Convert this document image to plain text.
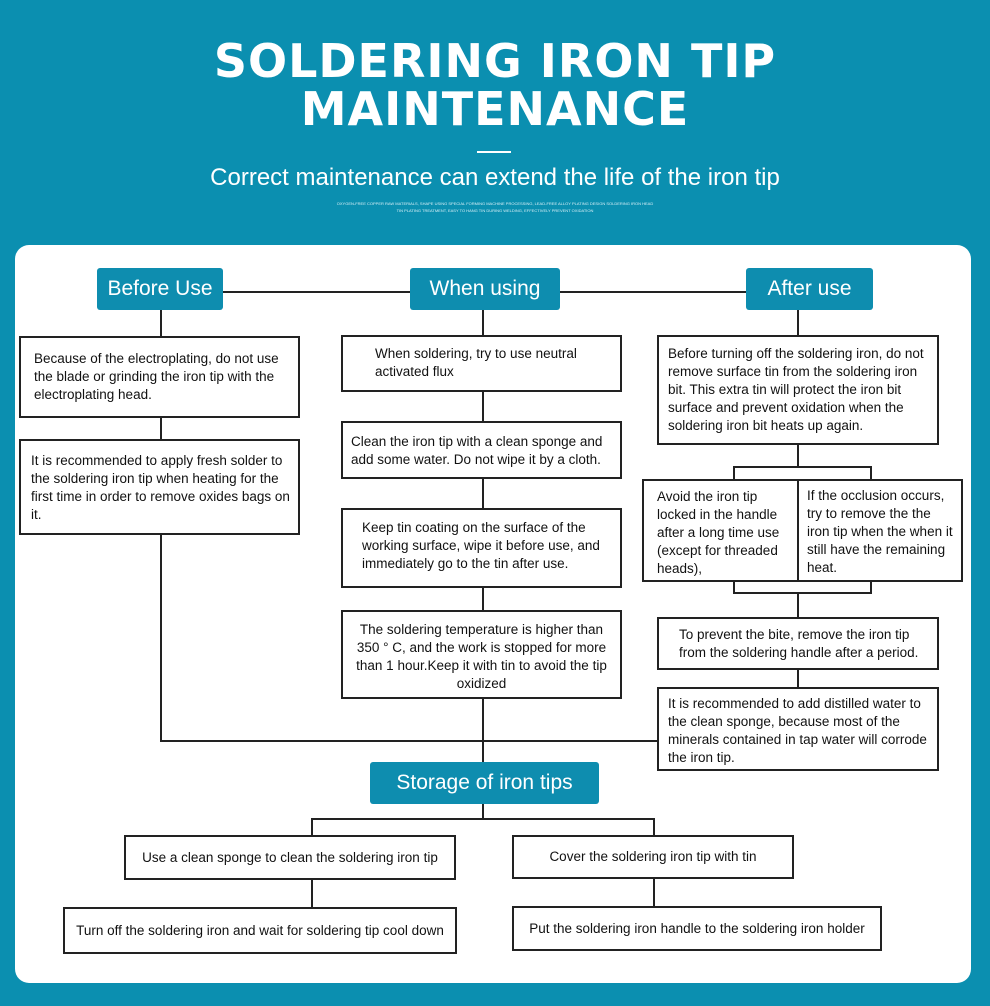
SOLDERING IRON TIP
MAINTENANCE
Correct maintenance can extend the life of the iron tip
OXYGEN-FREE COPPER RAW MATERIALS, SHAPE USING SPECIAL FORMING MACHINE PROCESSING, LEAD-FREE ALLOY PLATING DESIGN SOLDERING IRON HEAD
TIN PLATING TREATMENT, EASY TO HANG TIN DURING WELDING, EFFECTIVELY PREVENT OXIDATION
Before Use	When using	After use
Storage of iron tips
Because of the electroplating, do not use the blade or grinding the iron tip with the electroplating head.
It is recommended to apply fresh solder to the soldering iron tip when heating for the first time in order to remove oxides bags on it.
When soldering, try to use neutral activated flux
Clean the iron tip with a clean sponge and add some water. Do not wipe it by a cloth.
Keep tin coating on the surface of the working surface, wipe it before use, and immediately go to the tin after use.
The soldering temperature is higher than 350 ° C, and the work is stopped for more than 1 hour.Keep it with tin to avoid the tip oxidized
Before turning off the soldering iron, do not remove surface tin from the soldering iron bit. This extra tin will protect the iron bit surface and prevent oxidation when the soldering iron bit heats up again.
Avoid the iron tip locked in the handle after a long time use (except for threaded heads),
If the occlusion occurs, try to remove the the iron tip when the when it still have the remaining heat.
To prevent the bite, remove the iron tip from the soldering handle after a period.
It is recommended to add distilled water to the clean sponge, because most of the minerals contained in tap water will corrode the iron tip.
Use a clean sponge to clean the soldering iron tip
Turn off the soldering iron and wait for soldering tip cool down
Cover the soldering iron tip with tin
Put the soldering iron handle to the soldering iron holder
